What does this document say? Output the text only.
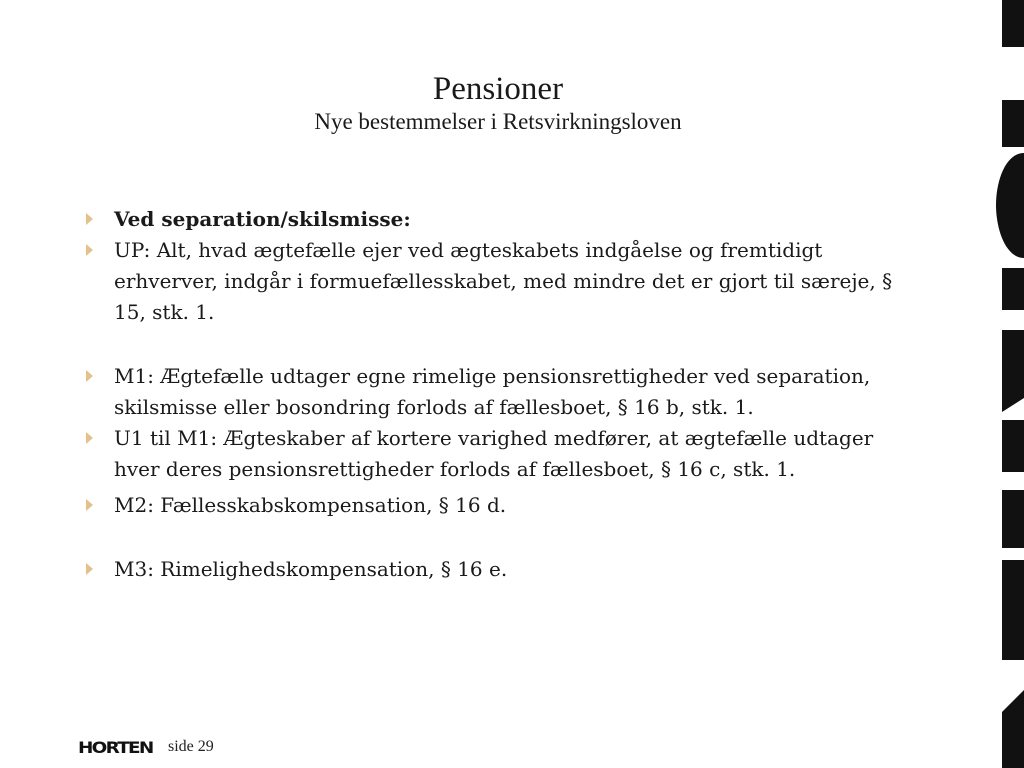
Pensioner
Nye bestemmelser i Retsvirkningsloven
Ved separation/skilsmisse:
UP: Alt, hvad ægtefælle ejer ved ægteskabets indgåelse og fremtidigt erhverver, indgår i formuefællesskabet, med mindre det er gjort til særeje, § 15, stk. 1.
M1: Ægtefælle udtager egne rimelige pensionsrettigheder ved separation, skilsmisse eller bosondring forlods af fællesboet, § 16 b, stk. 1.
U1 til M1: Ægteskaber af kortere varighed medfører, at ægtefælle udtager hver deres pensionsrettigheder forlods af fællesboet, § 16 c, stk. 1.
M2: Fællesskabskompensation, § 16 d.
M3: Rimelighedskompensation, § 16 e.
HORTEN side 29
